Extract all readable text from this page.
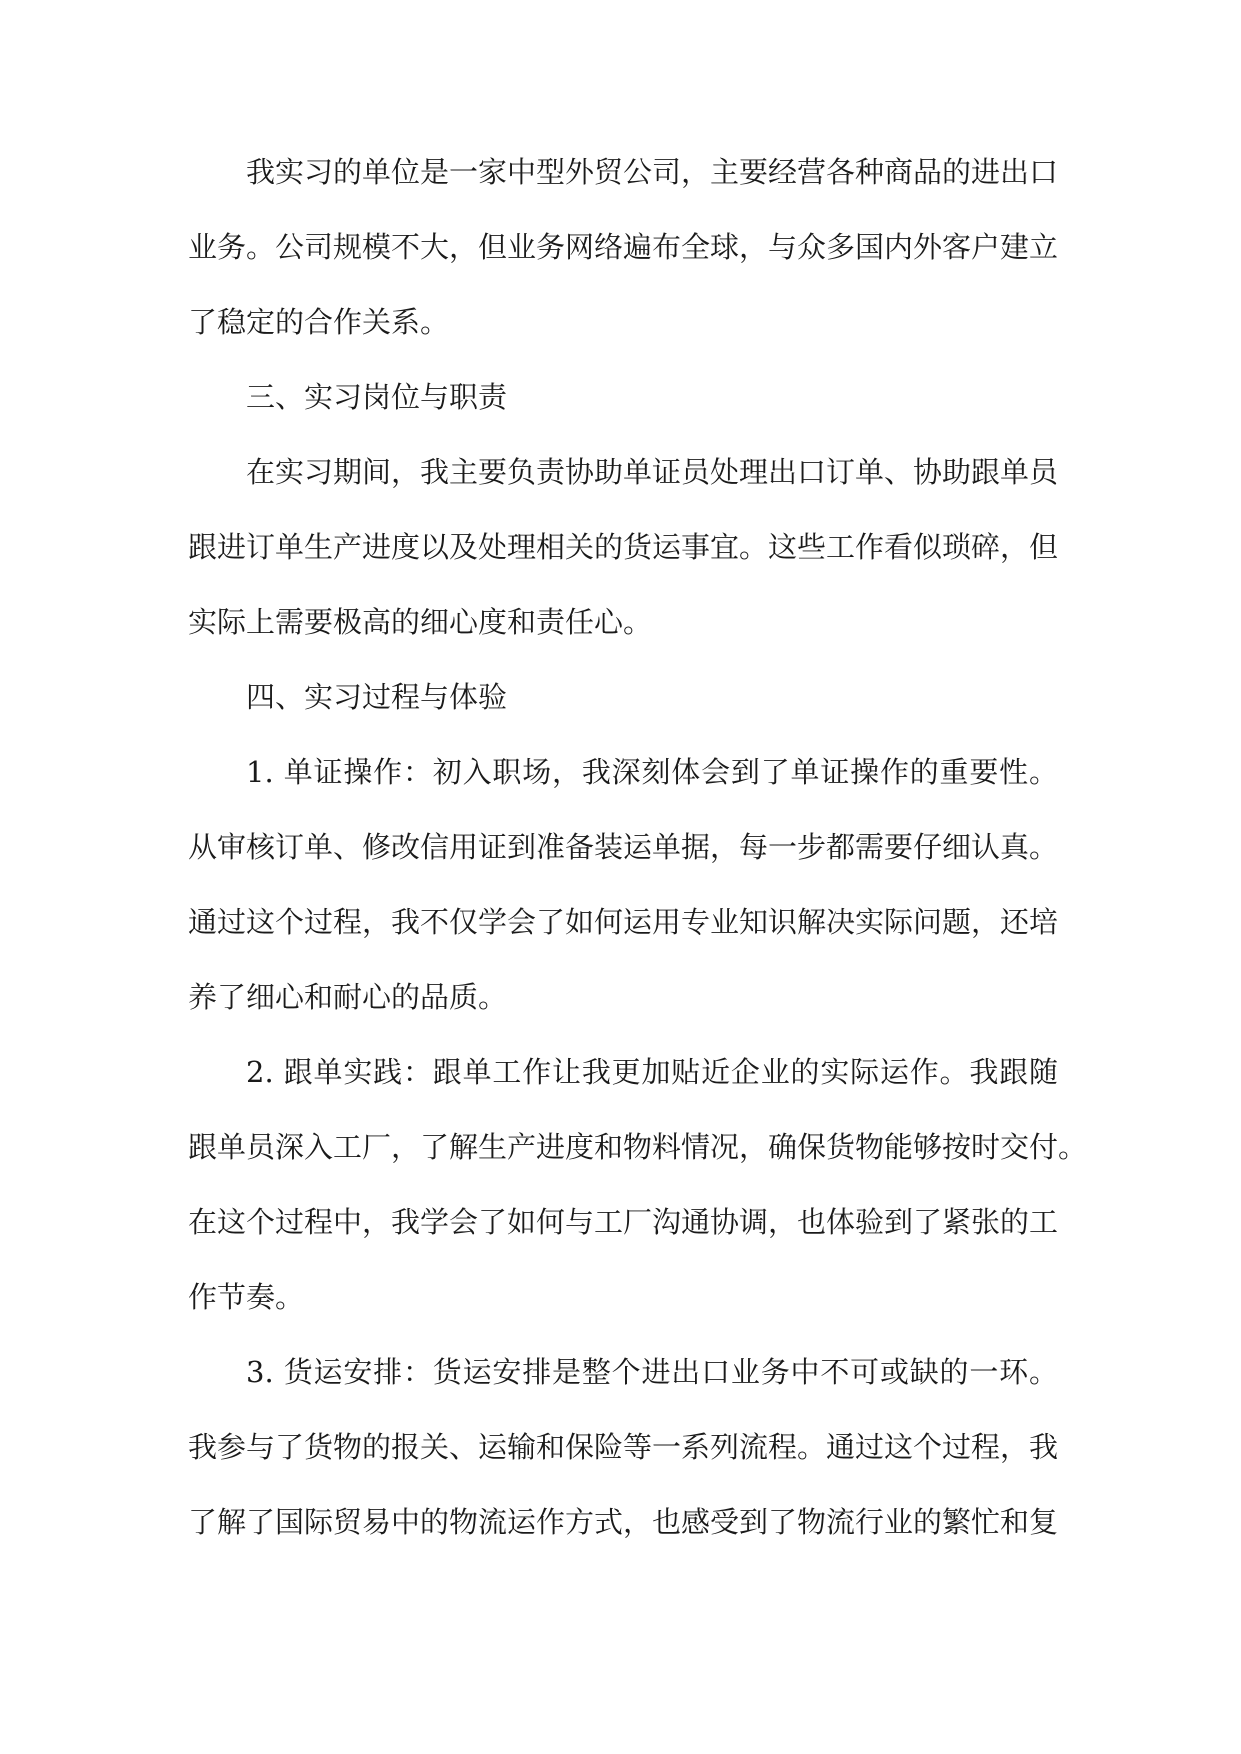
我实习的单位是一家中型外贸公司，主要经营各种商品的进出口
业务。公司规模不大，但业务网络遍布全球，与众多国内外客户建立
了稳定的合作关系。
三、实习岗位与职责
在实习期间，我主要负责协助单证员处理出口订单、协助跟单员
跟进订单生产进度以及处理相关的货运事宜。这些工作看似琐碎，但
实际上需要极高的细心度和责任心。
四、实习过程与体验
1. 单证操作：初入职场，我深刻体会到了单证操作的重要性。
从审核订单、修改信用证到准备装运单据，每一步都需要仔细认真。
通过这个过程，我不仅学会了如何运用专业知识解决实际问题，还培
养了细心和耐心的品质。
2. 跟单实践：跟单工作让我更加贴近企业的实际运作。我跟随
跟单员深入工厂，了解生产进度和物料情况，确保货物能够按时交付。
在这个过程中，我学会了如何与工厂沟通协调，也体验到了紧张的工
作节奏。
3. 货运安排：货运安排是整个进出口业务中不可或缺的一环。
我参与了货物的报关、运输和保险等一系列流程。通过这个过程，我
了解了国际贸易中的物流运作方式，也感受到了物流行业的繁忙和复
